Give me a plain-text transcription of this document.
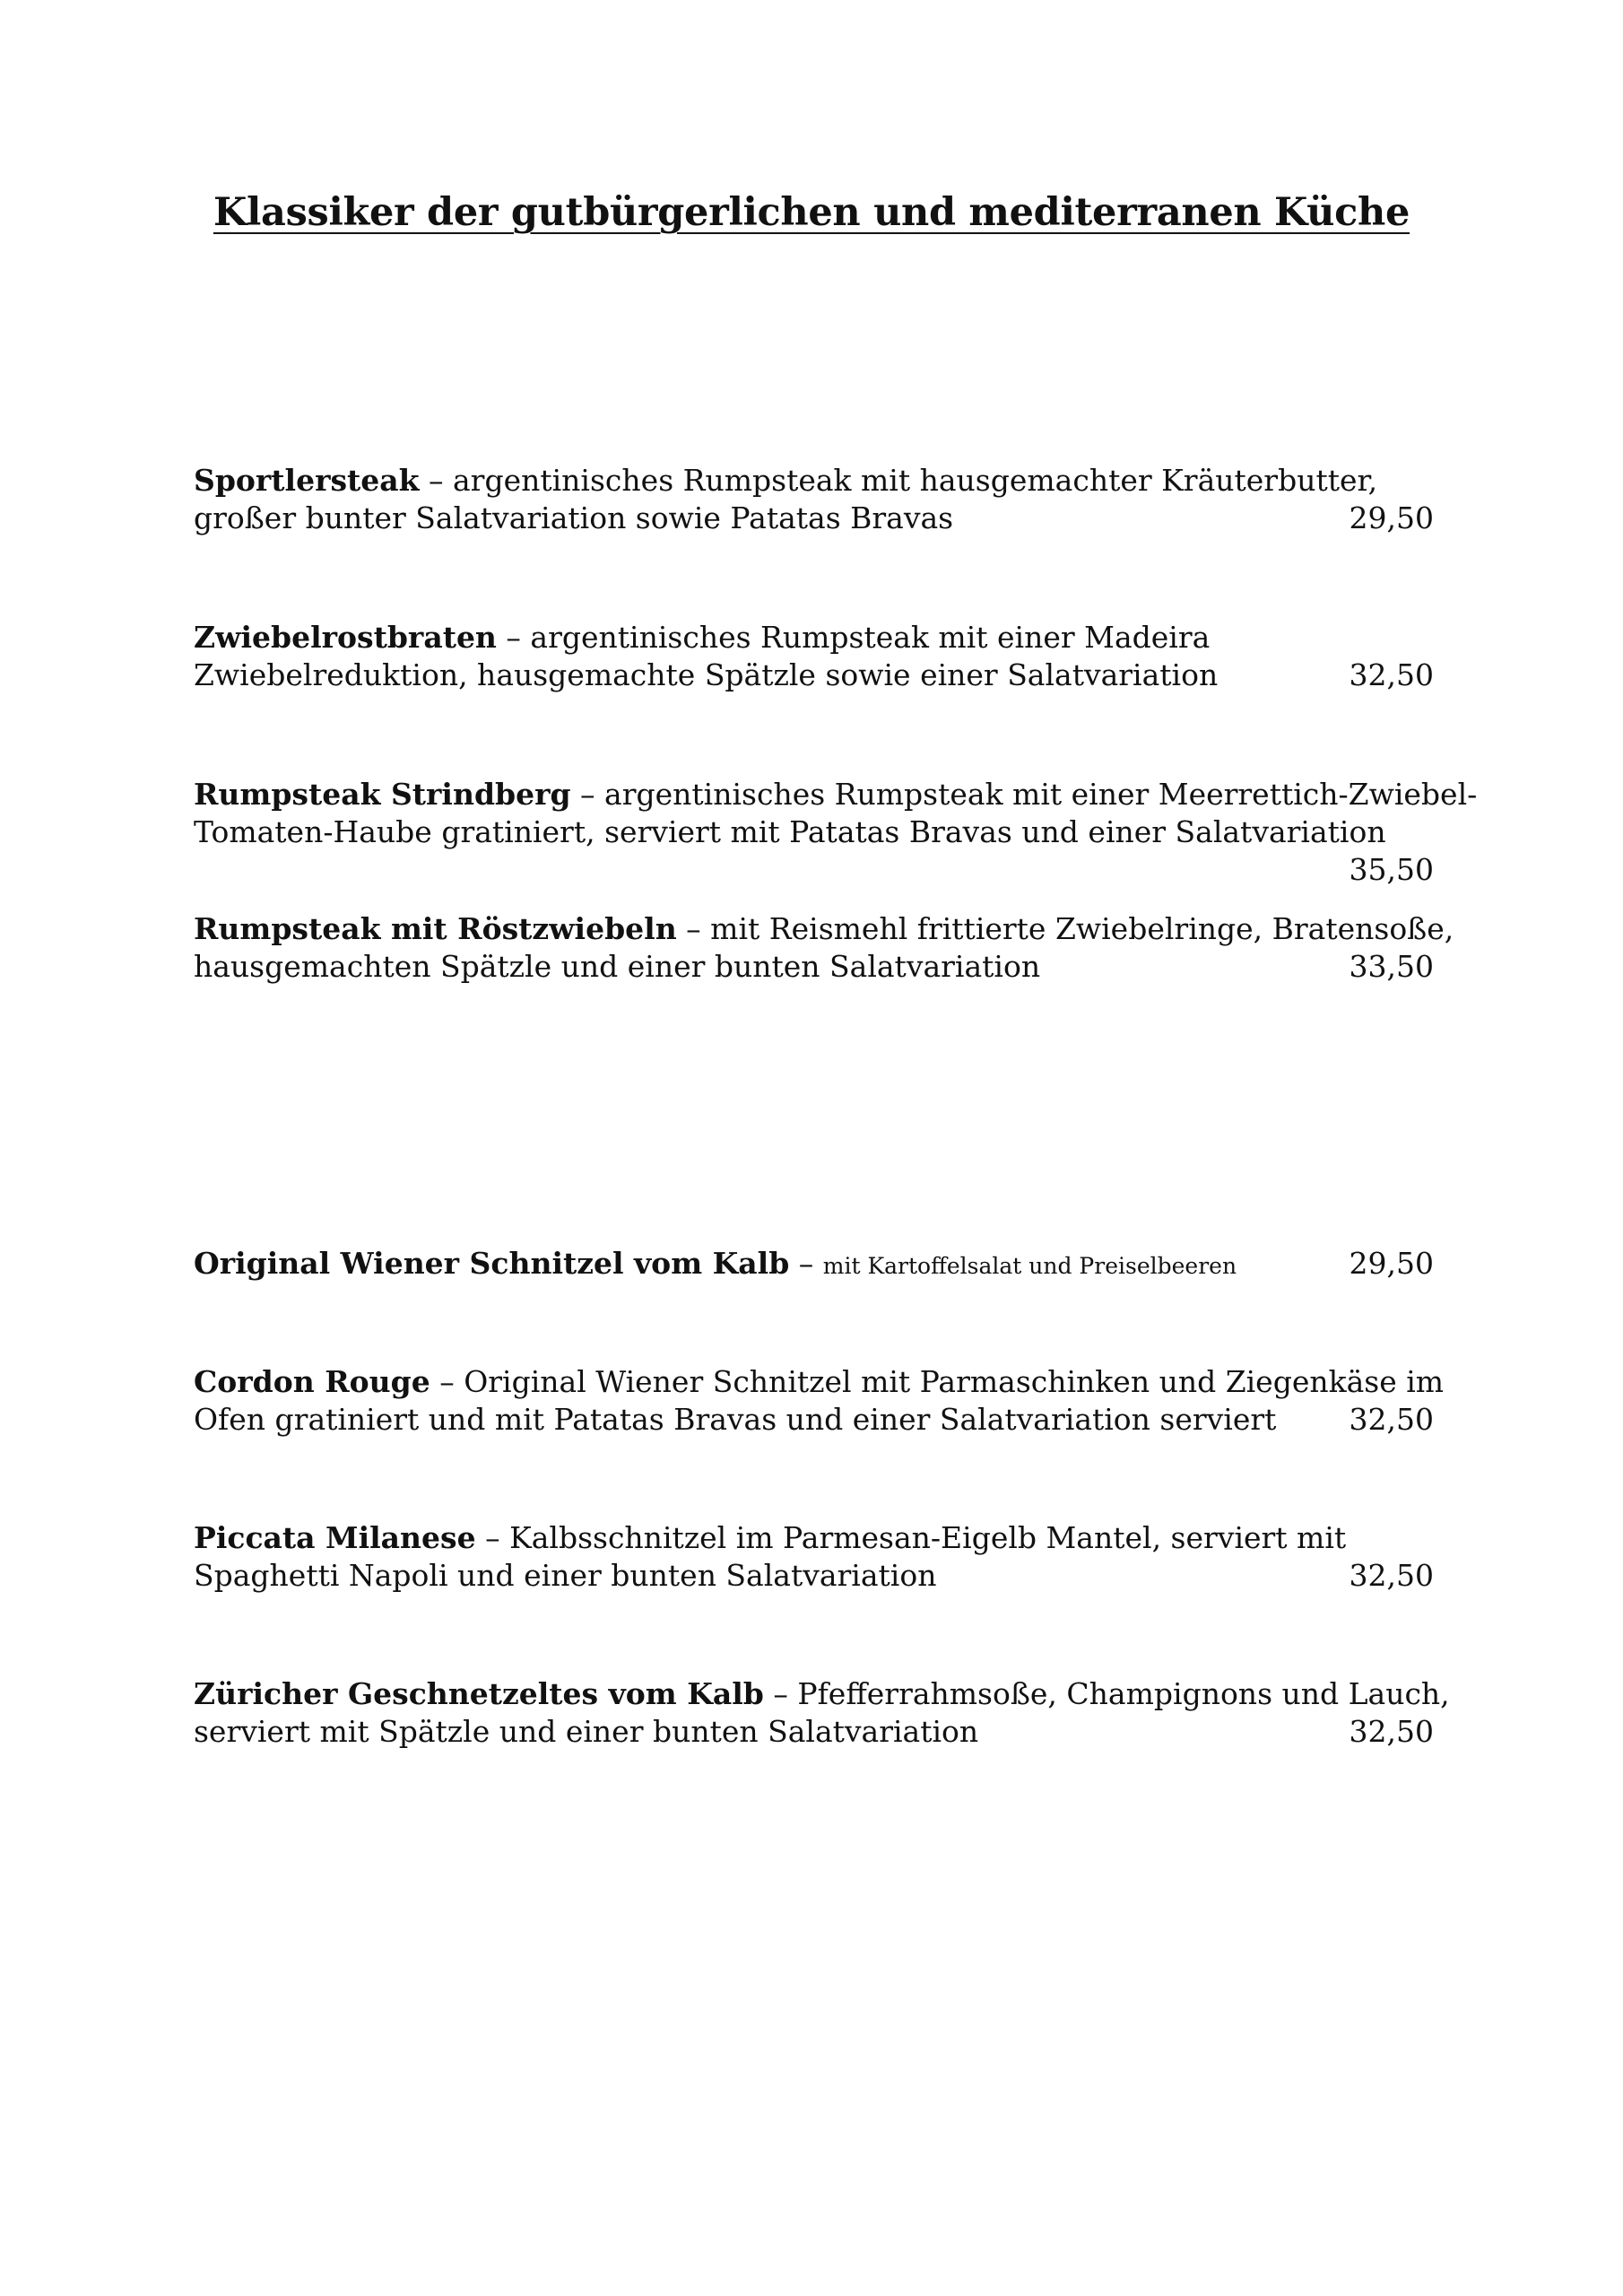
Klassiker der gutbürgerlichen und mediterranen Küche
Sportlersteak – argentinisches Rumpsteak mit hausgemachter Kräuterbutter,
großer bunter Salatvariation sowie Patatas Bravas	29,50
Zwiebelrostbraten – argentinisches Rumpsteak mit einer Madeira
Zwiebelreduktion, hausgemachte Spätzle sowie einer Salatvariation	32,50
Rumpsteak Strindberg – argentinisches Rumpsteak mit einer Meerrettich-Zwiebel-
Tomaten-Haube gratiniert, serviert mit Patatas Bravas und einer Salatvariation
35,50
Rumpsteak mit Röstzwiebeln – mit Reismehl frittierte Zwiebelringe, Bratensoße,
hausgemachten Spätzle und einer bunten Salatvariation	33,50
Original Wiener Schnitzel vom Kalb – mit Kartoffelsalat und Preiselbeeren	29,50
Cordon Rouge – Original Wiener Schnitzel mit Parmaschinken und Ziegenkäse im
Ofen gratiniert und mit Patatas Bravas und einer Salatvariation serviert 32,50
Piccata Milanese – Kalbsschnitzel im Parmesan-Eigelb Mantel, serviert mit
Spaghetti Napoli und einer bunten Salatvariation	32,50
Züricher Geschnetzeltes vom Kalb – Pfefferrahmsoße, Champignons und Lauch,
serviert mit Spätzle und einer bunten Salatvariation	32,50
